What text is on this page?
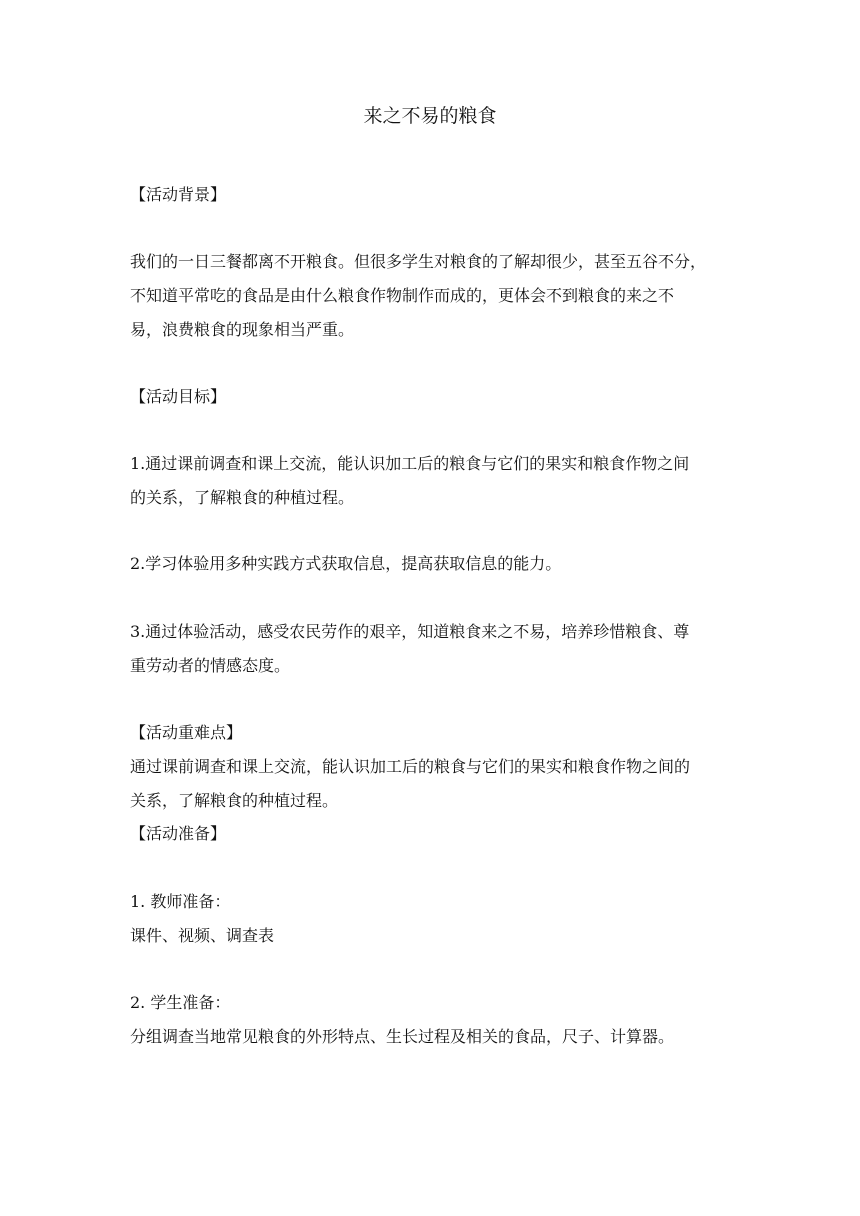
来之不易的粮食
【活动背景】
我们的一日三餐都离不开粮食。但很多学生对粮食的了解却很少，甚至五谷不分，
不知道平常吃的食品是由什么粮食作物制作而成的，更体会不到粮食的来之不
易，浪费粮食的现象相当严重。
【活动目标】
1.通过课前调查和课上交流，能认识加工后的粮食与它们的果实和粮食作物之间
的关系，了解粮食的种植过程。
2.学习体验用多种实践方式获取信息，提高获取信息的能力。
3.通过体验活动，感受农民劳作的艰辛，知道粮食来之不易，培养珍惜粮食、尊
重劳动者的情感态度。
【活动重难点】
通过课前调查和课上交流，能认识加工后的粮食与它们的果实和粮食作物之间的
关系，了解粮食的种植过程。
【活动准备】
1. 教师准备：
课件、视频、调查表
2. 学生准备：
分组调查当地常见粮食的外形特点、生长过程及相关的食品，尺子、计算器。
